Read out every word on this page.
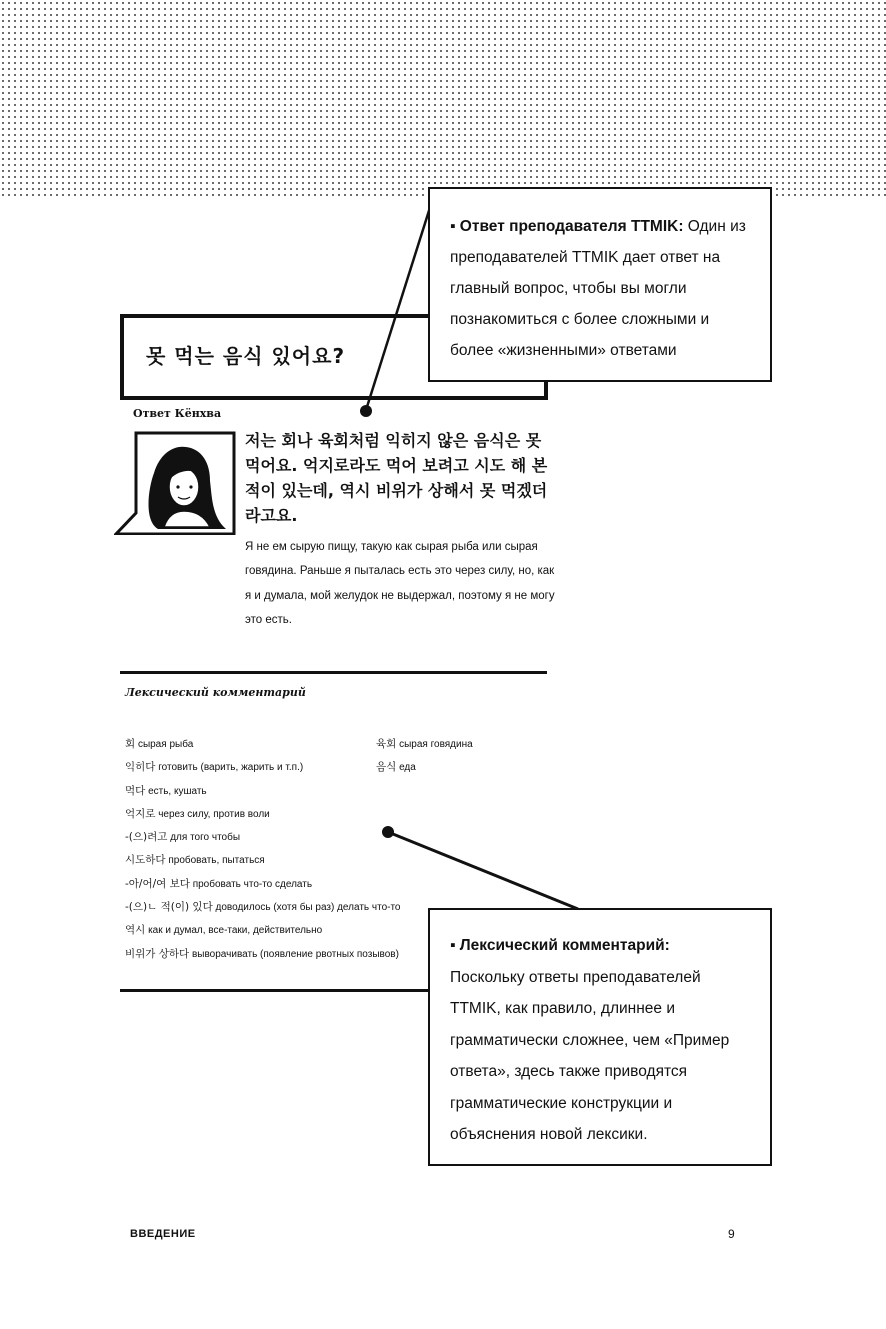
못 먹는 음식 있어요?
▪ Ответ преподавателя TTMIK: Один из преподавателей TTMIK дает ответ на главный вопрос, чтобы вы могли познакомиться с более сложными и более «жизненными» ответами
Ответ Кёнхва
저는 회나 육회처럼 익히지 않은 음식은 못 먹어요. 억지로라도 먹어 보려고 시도 해 본 적이 있는데, 역시 비위가 상해서 못 먹겠더라고요.
Я не ем сырую пищу, такую как сырая рыба или сырая говядина. Раньше я пыталась есть это через силу, но, как я и думала, мой желудок не выдержал, поэтому я не могу это есть.
Лексический комментарий
회 сырая рыба
익히다 готовить (варить, жарить и т.п.)
먹다 есть, кушать
억지로 через силу, против воли
-(으)려고 для того чтобы
시도하다 пробовать, пытаться
-아/어/여 보다 пробовать что-то сделать
-(으)ㄴ 적(이) 있다 доводилось (хотя бы раз) делать что-то
역시 как и думал, все-таки, действительно
비위가 상하다 выворачивать (появление рвотных позывов)
육회 сырая говядина
음식 еда
▪ Лексический комментарий:
Поскольку ответы преподавателей TTMIK, как правило, длиннее и грамматически сложнее, чем «Пример ответа», здесь также приводятся грамматические конструкции и объяснения новой лексики.
ВВЕДЕНИЕ	9
